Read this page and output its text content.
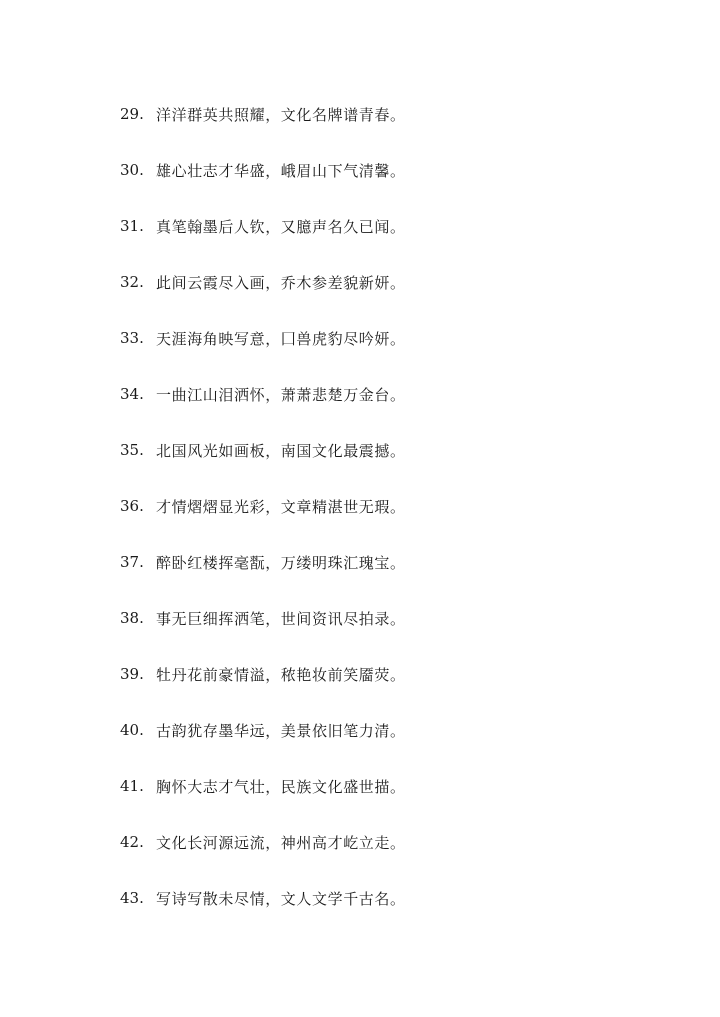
29. 洋洋群英共照耀，文化名牌谱青春。
30. 雄心壮志才华盛，峨眉山下气清馨。
31. 真笔翰墨后人钦，又臆声名久已闻。
32. 此间云霞尽入画，乔木参差貌新妍。
33. 天涯海角映写意，囗兽虎豹尽吟妍。
34. 一曲江山泪洒怀，萧萧悲楚万金台。
35. 北国风光如画板，南国文化最震撼。
36. 才情熠熠显光彩，文章精湛世无瑕。
37. 醉卧红楼挥毫翫，万缕明珠汇瑰宝。
38. 事无巨细挥洒笔，世间资讯尽拍录。
39. 牡丹花前豪情溢，秾艳妆前笑靥荧。
40. 古韵犹存墨华远，美景依旧笔力清。
41. 胸怀大志才气壮，民族文化盛世描。
42. 文化长河源远流，神州高才屹立走。
43. 写诗写散未尽情，文人文学千古名。
